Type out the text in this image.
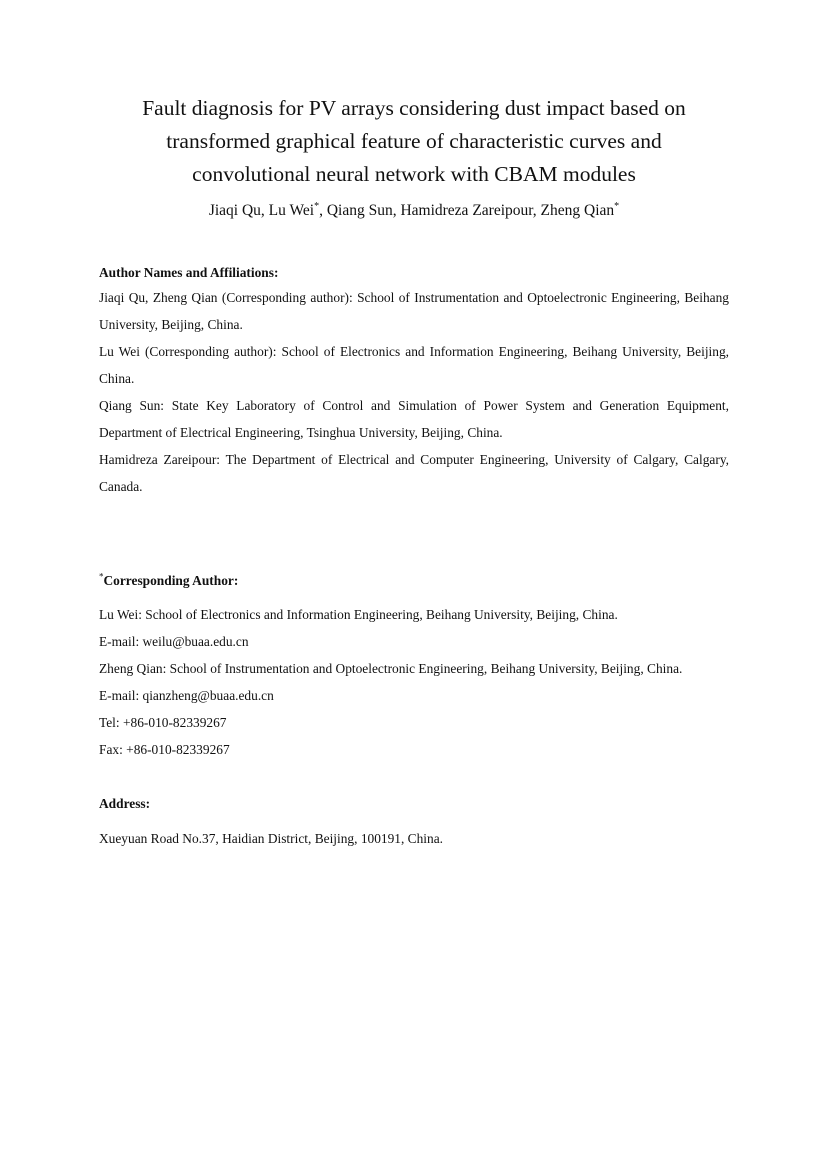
Fault diagnosis for PV arrays considering dust impact based on
transformed graphical feature of characteristic curves and
convolutional neural network with CBAM modules
Jiaqi Qu, Lu Wei*, Qiang Sun, Hamidreza Zareipour, Zheng Qian*
Author Names and Affiliations:
Jiaqi Qu, Zheng Qian (Corresponding author): School of Instrumentation and Optoelectronic Engineering, Beihang University, Beijing, China.
Lu Wei (Corresponding author): School of Electronics and Information Engineering, Beihang University, Beijing, China.
Qiang Sun: State Key Laboratory of Control and Simulation of Power System and Generation Equipment, Department of Electrical Engineering, Tsinghua University, Beijing, China.
Hamidreza Zareipour: The Department of Electrical and Computer Engineering, University of Calgary, Calgary, Canada.
*Corresponding Author:
Lu Wei: School of Electronics and Information Engineering, Beihang University, Beijing, China.
E-mail: weilu@buaa.edu.cn
Zheng Qian: School of Instrumentation and Optoelectronic Engineering, Beihang University, Beijing, China.
E-mail: qianzheng@buaa.edu.cn
Tel: +86-010-82339267
Fax: +86-010-82339267
Address:
Xueyuan Road No.37, Haidian District, Beijing, 100191, China.
